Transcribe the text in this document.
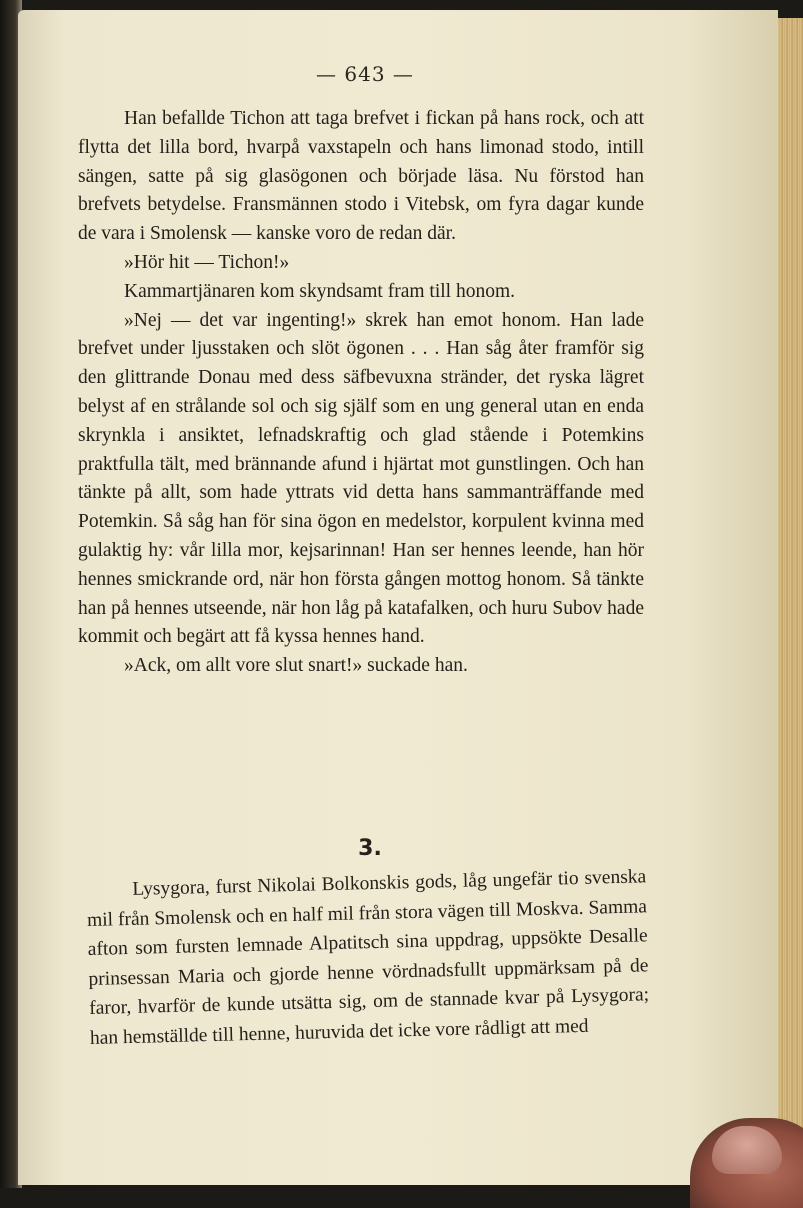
— 643 —

Han befallde Tichon att taga brefvet i fickan på hans rock, och att flytta det lilla bord, hvarpå vaxstapeln och hans limonad stodo, intill sängen, satte på sig glasögonen och började läsa. Nu förstod han brefvets betydelse. Fransmännen stodo i Vitebsk, om fyra dagar kunde de vara i Smolensk — kanske voro de redan där.

»Hör hit — Tichon!»

Kammartjänaren kom skyndsamt fram till honom.

»Nej — det var ingenting!» skrek han emot honom. Han lade brefvet under ljusstaken och slöt ögonen . . . Han såg åter framför sig den glittrande Donau med dess säfbevuxna stränder, det ryska lägret belyst af en strålande sol och sig själf som en ung general utan en enda skrynkla i ansiktet, lefnadskraftig och glad stående i Potemkins praktfulla tält, med brännande afund i hjärtat mot gunstlingen. Och han tänkte på allt, som hade yttrats vid detta hans sammanträffande med Potemkin. Så såg han för sina ögon en medelstor, korpulent kvinna med gulaktig hy: vår lilla mor, kejsarinnan! Han ser hennes leende, han hör hennes smickrande ord, när hon första gången mottog honom. Så tänkte han på hennes utseende, när hon låg på katafalken, och huru Subov hade kommit och begärt att få kyssa hennes hand.

»Ack, om allt vore slut snart!» suckade han.

3.

Lysygora, furst Nikolai Bolkonskis gods, låg ungefär tio svenska mil från Smolensk och en half mil från stora vägen till Moskva. Samma afton som fursten lemnade Alpatitsch sina uppdrag, uppsökte Desalle prinsessan Maria och gjorde henne vördnadsfullt uppmärksam på de faror, hvarför de kunde utsätta sig, om de stannade kvar på Lysygora; han hemställde till henne, huruvida det icke vore rådligt att med
